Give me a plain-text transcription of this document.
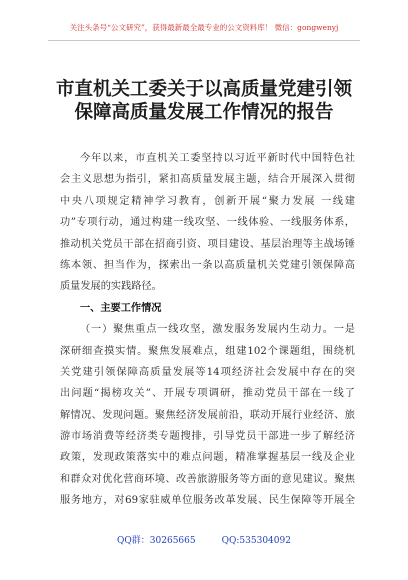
关注头条号“公文研究”，获得最新最全最专业的公文资料库！ 微信：gongwenyj
市直机关工委关于以高质量党建引领
保障高质量发展工作情况的报告
今年以来，市直机关工委坚持以习近平新时代中国特色社
会主义思想为指引，紧扣高质量发展主题，结合开展深入贯彻
中央八项规定精神学习教育，创新开展“聚力发展 一线建
功”专项行动，通过构建一线攻坚、一线体验、一线服务体系，
推动机关党员干部在招商引资、项目建设、基层治理等主战场锤
练本领、担当作为，探索出一条以高质量机关党建引领保障高
质量发展的实践路径。
一、主要工作情况
（一）聚焦重点一线攻坚，激发服务发展内生动力。一是
深研细查摸实情。聚焦发展难点，组建102个课题组，围绕机
关党建引领保障高质量发展等14项经济社会发展中存在的突
出问题“揭榜攻关”、开展专项调研，推动党员干部在一线了
解情况、发现问题。聚焦经济发展前沿，联动开展行业经济、旅
游市场消费等经济类专题搜排，引导党员干部进一步了解经济
政策，发现政策落实中的难点问题，精准掌握基层一线及企业
和群众对优化营商环境、改善旅游服务等方面的意见建议。聚焦
服务地方，对69家驻威单位服务改革发展、民生保障等开展全
QQ群：30265665	QQ:535304092
